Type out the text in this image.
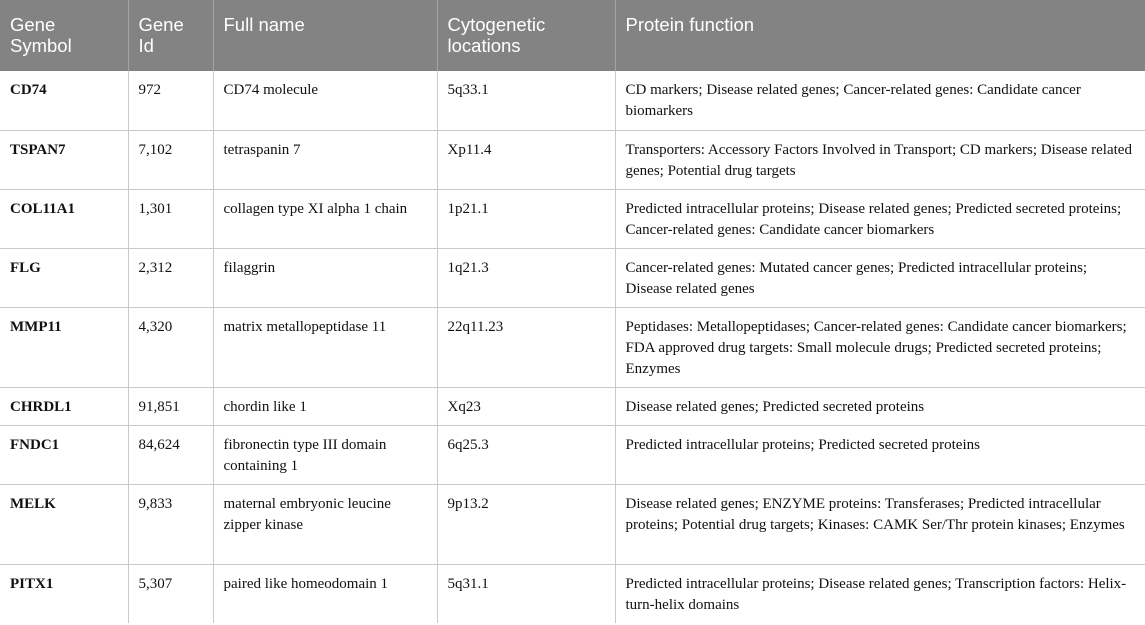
Gene Symbol	Gene Id	Full name	Cytogenetic locations	Protein function
CD74	972	CD74 molecule	5q33.1	CD markers; Disease related genes; Cancer-related genes: Candidate cancer biomarkers
TSPAN7	7,102	tetraspanin 7	Xp11.4	Transporters: Accessory Factors Involved in Transport; CD markers; Disease related genes; Potential drug targets
COL11A1	1,301	collagen type XI alpha 1 chain	1p21.1	Predicted intracellular proteins; Disease related genes; Predicted secreted proteins; Cancer-related genes: Candidate cancer biomarkers
FLG	2,312	filaggrin	1q21.3	Cancer-related genes: Mutated cancer genes; Predicted intracellular proteins; Disease related genes
MMP11	4,320	matrix metallopeptidase 11	22q11.23	Peptidases: Metallopeptidases; Cancer-related genes: Candidate cancer biomarkers; FDA approved drug targets: Small molecule drugs; Predicted secreted proteins; Enzymes
CHRDL1	91,851	chordin like 1	Xq23	Disease related genes; Predicted secreted proteins
FNDC1	84,624	fibronectin type III domain containing 1	6q25.3	Predicted intracellular proteins; Predicted secreted proteins
MELK	9,833	maternal embryonic leucine zipper kinase	9p13.2	Disease related genes; ENZYME proteins: Transferases; Predicted intracellular proteins; Potential drug targets; Kinases: CAMK Ser/Thr protein kinases; Enzymes
PITX1	5,307	paired like homeodomain 1	5q31.1	Predicted intracellular proteins; Disease related genes; Transcription factors: Helix-turn-helix domains
